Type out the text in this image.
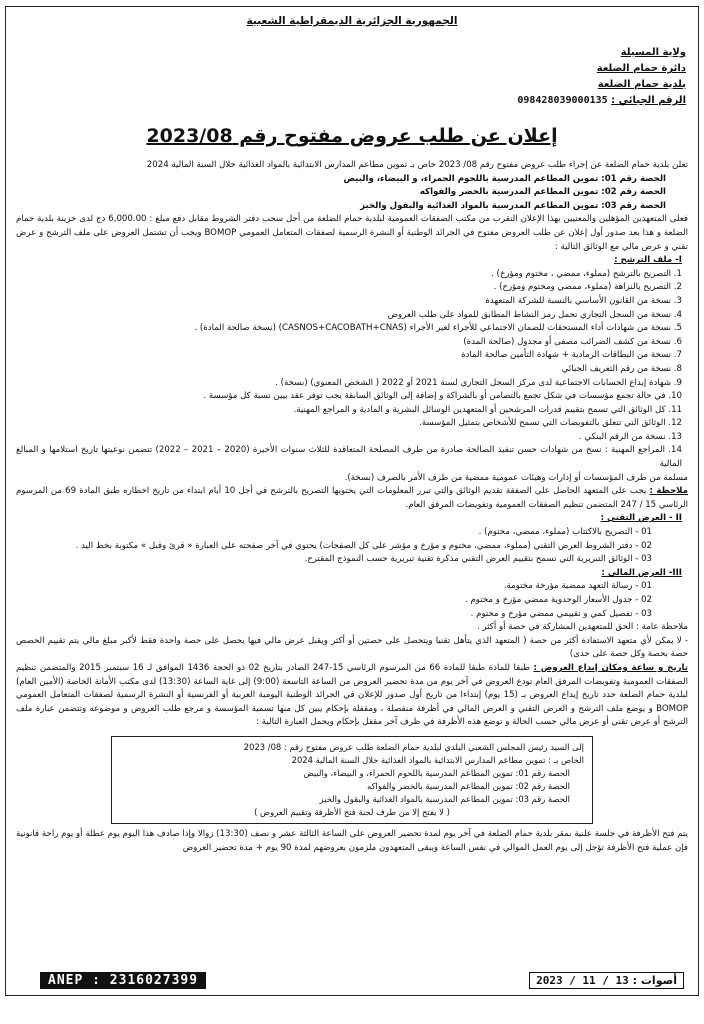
الجمهورية الجزائرية الديمقراطية الشعبية
ولاية المسيلة
دائرة حمام الضلعة
بلدية حمام الضلعة
الرقم الجبائي : 098428039000135
إعلان عن طلب عروض مفتوح رقم 2023/08

تعلن بلدية حمام الضلعة عن إجراء طلب عروض مفتوح رقم 08/ 2023 خاص بـ تموين مطاعم المدارس الابتدائية بالمواد الغذائية خلال السنة المالية 2024

الحصة رقم 01: تموين المطاعم المدرسية باللحوم الحمراء، و البيضاء، والبيض

الحصة رقم 02: تموين المطاعم المدرسية بالخضر والفواكه

الحصة رقم 03: تموين المطاعم المدرسية بالمواد الغذائية والبقول والخبز

فعلى المتعهدين المؤهلين والمعنيين بهذا الإعلان التقرب من مكتب الصفقات العمومية لبلدية حمام الضلعة من أجل سحب دفتر الشروط مقابل دفع مبلغ : 6,000.00 دج لدى خزينة بلدية حمام الضلعة و هذا بعد صدور أول إعلان عن طلب العروض مفتوح في الجرائد الوطنية أو النشرة الرسمية لصفقات المتعامل العمومي BOMOP ويجب أن تشتمل العروض على ملف الترشح و عرض تقني و عرض مالي مع الوثائق التالية :

I- ملف الترشح :

1. التصريح بالترشح (مملوء، ممضي ، مختوم ومؤرخ) .

2. التصريح بالنزاهة (مملوء، ممضي ومختوم ومؤرخ) .

3. نسخة من القانون الأساسي بالنسبة للشركة المتعهدة

4. نسخة من السجل التجاري تحمل رمز النشاط المطابق للمواد على طلب العروض

5. نسخة من شهادات أداء المستحقات للضمان الاجتماعي للأجراء لغير الأجراء (CASNOS+CACOBATH+CNAS) (نسخة صالحة المادة) .

6. نسخة من كشف الضرائب مصفى أو مجدول (صالحة المدة)

7. نسخة من البطاقات الرمادية + شهادة التأمين صالحة المادة

8. نسخة من رقم التعريف الجبائي

9. شهادة إيداع الحسابات الاجتماعية لدى مركز السجل التجاري لسنة 2021 أو 2022 ( الشخص المعنوي) (نسخة) .

10. في حالة تجمع مؤسسات في شكل تجمع بالتضامن أو بالشراكة و إضافة إلى الوثائق السابقة يجب توفر عقد بيين نسبة كل مؤسسة .

11. كل الوثائق التي تسمح بتقييم قدرات المرشحين أو المتعهدين الوسائل البشرية و المادية و المراجع المهنية.

12. الوثائق التي تتعلق بالتفويضات التي تسمح للأشخاص بتمثيل المؤسسة.

13. نسخة من الرقم البنكي .

14. المراجع المهنية : نسخ من شهادات حسن تنفيذ الصالحة صادرة من طرف المصلحة المتعاقدة للثلاث سنوات الأخيرة (2020 – 2021 – 2022) تتضمن نوعيتها تاريخ استلامها و المبالغ المالية

مسلمة من طرف المؤسسات أو إدارات وهيئات عمومية ممضية من طرف الأمر بالصرف (نسخة).

ملاحظة : يجب على المتعهد الحاصل على الصفقة تقديم الوثائق والتي تبرر المعلومات التي يحتويها التصريح بالترشح في أجل 10 أيام ابتداء من تاريخ اخطاره طبق المادة 69 من المرسوم الرئاسي 15 / 247 المتضمن تنظيم الصفقات العمومية وتفويضات المرفق العام.

II - العرض التقني :

01 - التصريح بالاكتتاب (مملوء، ممضي، مختوم) .

02 - دفتر الشروط العرض التقني (مملوء، ممضي، مختوم و مؤرخ و مؤشر على كل الصفحات) يحتوي في آخر صفحته على العبارة « قرئ وقبل » مكتوبة بخط اليد .

03 - الوثائق التبريرية التي تسمح بتقييم العرض التقني مذكرة تقنية تبريرية حسب النموذج المقترح.

III- العرض المالي :

01 - رسالة التعهد ممضية مؤرخة مختومة.

02 - جدول الأسعار الوحدوية ممضي مؤرخ و مختوم .

03 - تفصيل كمي و تقييمي ممضي مؤرخ و مختوم .

ملاحظة عامة : الحق للمتعهدين المشاركة في حصة أو أكثر .

- لا يمكن لأي متعهد الاستفادة أكثر من حصة ( المتعهد الذي يتأهل تقنيا ويتحصل على حصتين أو أكثر ويقبل عرض مالي فيها يحصل على حصة واحدة فقط لأكبر مبلغ مالي يتم تقييم الحصص حصة بحصة وكل حصة على حدى)

تاريخ و ساعة ومكان إيداع العروض : طبقا للمادة طبقا للمادة 66 من المرسوم الرئاسي 15-247 الصادر بتاريخ 02 ذو الحجة 1436 الموافق لـ 16 سبتمبر 2015 والمتضمن تنظيم الصفقات العمومية وتفويضات المرفق العام تودع العروض في آخر يوم من مدة تحضير العروض من الساعة التاسعة (9:00) إلى غاية الساعة (13:30) لدى مكتب الأمانة الخاصة (الأمين العام) لبلدية حمام الضلعة حدد تاريخ إيداع العروض بـ (15 يوم) إبتداءا من تاريخ أول صدور للإعلان في الجرائد الوطنية اليومية العربية أو الفرنسية أو النشرة الرسمية لصفقات المتعامل العمومي BOMOP و يوضع ملف الترشح و العرض التقني و العرض المالي في أظرفة منفصلة ، ومقفلة بإحكام يبين كل منها تسمية المؤسسة و مرجع طلب العروض و موضوعه وتتضمن عبارة ملف الترشح أو عرض تقني أو عرض مالي حسب الحالة و توضع هذه الأظرفة في ظرف آخر مقفل بإحكام ويحمل العبارة التالية :

إلى السيد رئيس المجلس الشعبي البلدي لبلدية حمام الضلعة طلب عروض مفتوح رقم : 08/ 2023
الخاص بـ : تموين مطاعم المدارس الابتدائية بالمواد الغذائية خلال السنة المالية 2024
الحصة رقم 01: تموين المطاعم المدرسية باللحوم الحمراء، و البيضاء، والبيض
الحصة رقم 02: تموين المطاعم المدرسية بالخضر والفواكه
الحصة رقم 03: تموين المطاعم المدرسية بالمواد الغذائية والبقول والخبز
( لا يفتح إلا من طرف لجنة فتح الأظرفة وتقييم العروض )

يتم فتح الأظرفة في جلسة علنية بمقر بلدية حمام الضلعة في آخر يوم لمدة تحضير العروض على الساعة الثالثة عشر و نصف (13:30) زوالا وإذا صادف هذا اليوم يوم عطلة أو يوم راحة قانونية فإن عملية فتح الأظرفة تؤجل إلى يوم العمل الموالي في نفس الساعة ويبقى المتعهدون ملزمون بعروضهم لمدة 90 يوم + مدة تحضير العروض

ANEP : 2316027399	أصوات : 2023 / 11 / 13
